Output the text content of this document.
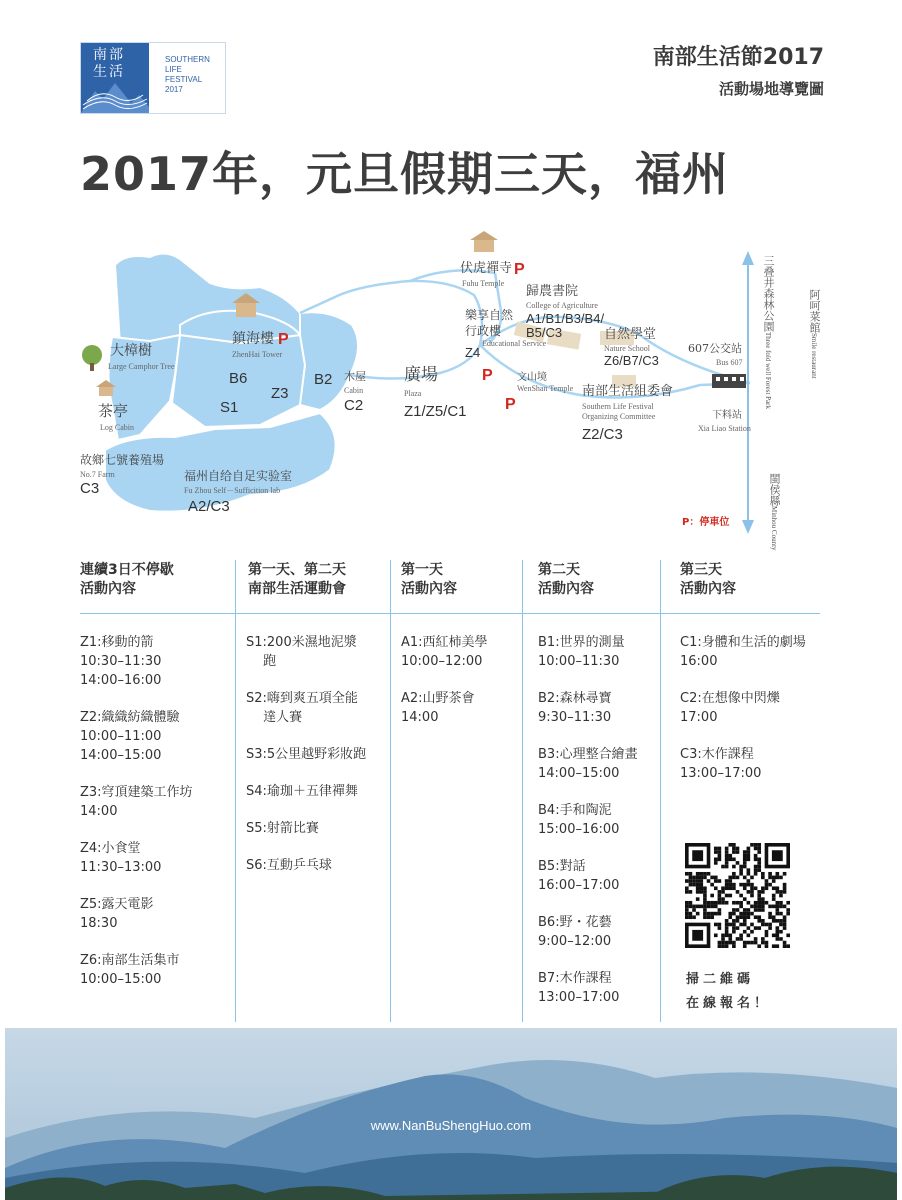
南部
生活
SOUTHERN
LIFE
FESTIVAL
2017
南部生活節2017
活動場地導覽圖
2017年，元旦假期三天，福州
伏虎禪寺
Fuhu Temple
P
歸農書院
College of Agriculture
A1/B1/B3/B4/
B5/C3
樂享自然
行政樓
Educational Service
Z4
自然學堂
Nature School
Z6/B7/C3
607公交站
Bus 607
鎮海樓 P
ZhenHai Tower
大樟樹
Large Camphor Tree
茶亭
Log Cabin
B6
S1
Z3
B2 木屋
Cabin
C2
廣場
Plaza
Z1/Z5/C1
P
P
文山境
WenShan Temple 南部生活組委會
Southern Life Festival
Organizing Committee
Z2/C3
下料站
Xia Liao Station
故鄉七號養殖場
No.7 Farm
C3
福州自给自足实验室
Fu Zhou Self－Sufficition lab
A2/C3
三叠井森林公園Three fold well Forest Park
阿呵菜館Smile restaurant
閩侯縣Minhou County
P：停車位
連續3日不停歇
活動內容
第一天、第二天
南部生活運動會
第一天
活動內容
第二天
活動內容
第三天
活動內容
Z1:移動的箭
10:30–11:30
14:00–16:00
Z2:織織紡織體驗
10:00–11:00
14:00–15:00
Z3:穹頂建築工作坊
14:00
Z4:小食堂
11:30–13:00
Z5:露天電影
18:30
Z6:南部生活集市
10:00–15:00
S1:200米濕地泥漿
　 跑
S2:嗨到爽五項全能
　 達人賽
S3:5公里越野彩妝跑
S4:瑜珈＋五律禪舞
S5:射箭比賽
S6:互動乒乓球
A1:西紅柿美學
10:00–12:00
A2:山野茶會
14:00
B1:世界的測量
10:00–11:30
B2:森林尋寶
9:30–11:30
B3:心理整合繪畫
14:00–15:00
B4:手和陶泥
15:00–16:00
B5:對話
16:00–17:00
B6:野・花藝
9:00–12:00
B7:木作課程
13:00–17:00
C1:身體和生活的劇場
16:00
C2:在想像中閃爍
17:00
C3:木作課程
13:00–17:00
掃二維碼
在線報名！
www.NanBuShengHuo.com
